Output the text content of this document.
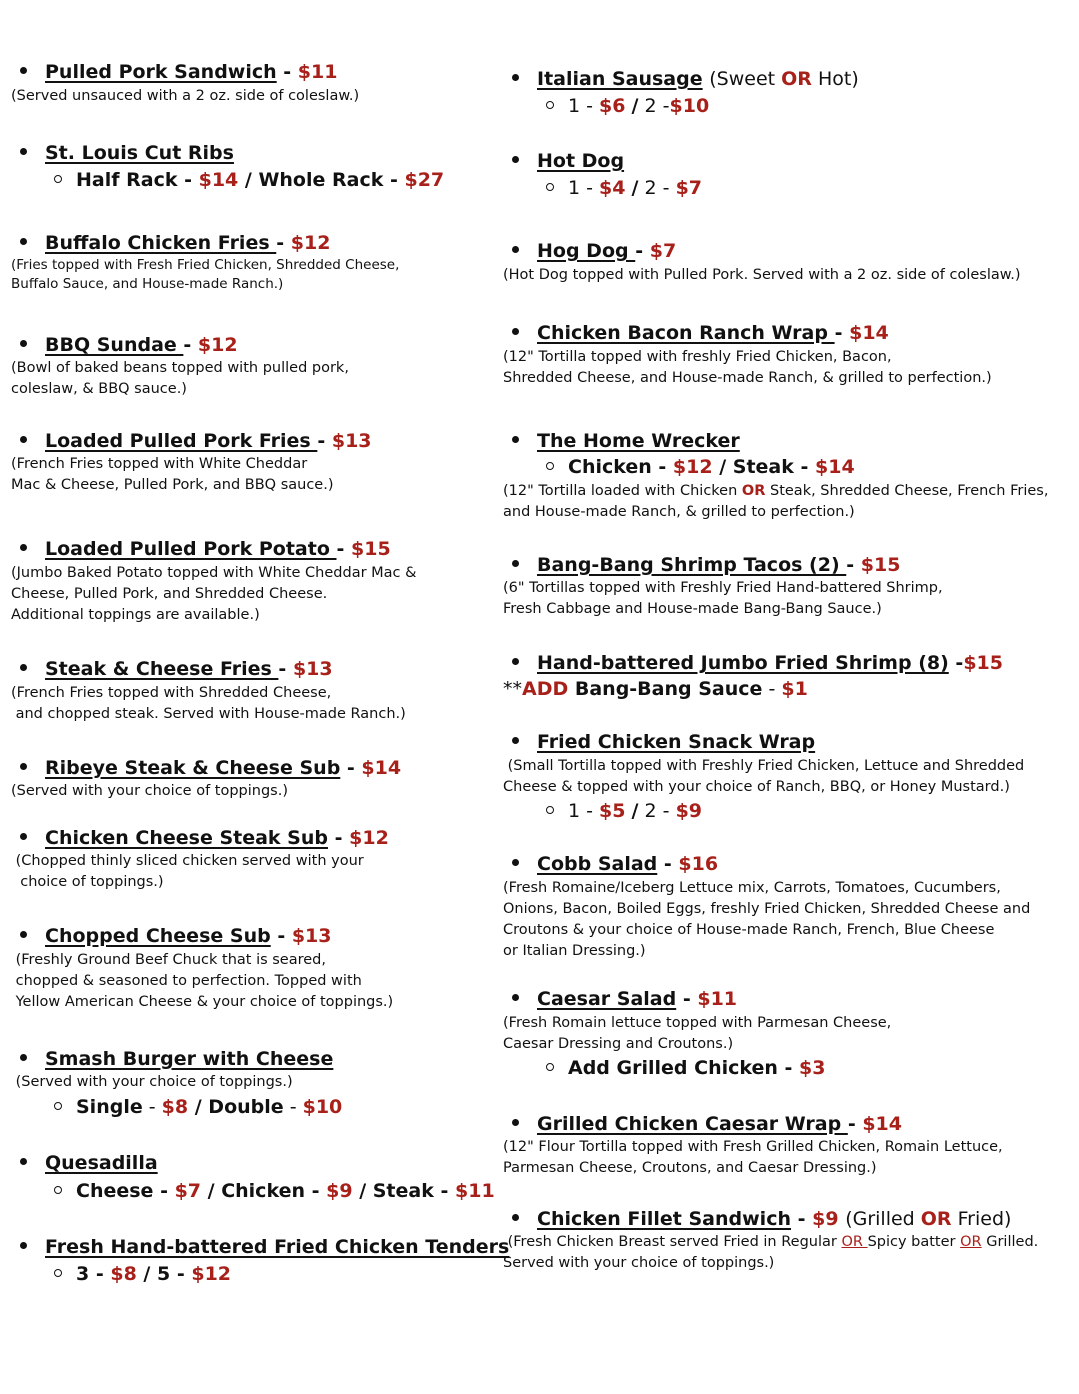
Pulled Pork Sandwich - $11
(Served unsauced with a 2 oz. side of coleslaw.)
St. Louis Cut Ribs
Half Rack - $14 / Whole Rack - $27
Buffalo Chicken Fries - $12
(Fries topped with Fresh Fried Chicken, Shredded Cheese,
Buffalo Sauce, and House-made Ranch.)
BBQ Sundae - $12
(Bowl of baked beans topped with pulled pork,
coleslaw, & BBQ sauce.)
Loaded Pulled Pork Fries - $13
(French Fries topped with White Cheddar
Mac & Cheese, Pulled Pork, and BBQ sauce.)
Loaded Pulled Pork Potato - $15
(Jumbo Baked Potato topped with White Cheddar Mac &
Cheese, Pulled Pork, and Shredded Cheese.
Additional toppings are available.)
Steak & Cheese Fries - $13
(French Fries topped with Shredded Cheese,
and chopped steak. Served with House-made Ranch.)
Ribeye Steak & Cheese Sub - $14
(Served with your choice of toppings.)
Chicken Cheese Steak Sub - $12
(Chopped thinly sliced chicken served with your
choice of toppings.)
Chopped Cheese Sub - $13
(Freshly Ground Beef Chuck that is seared,
chopped & seasoned to perfection. Topped with
Yellow American Cheese & your choice of toppings.)
Smash Burger with Cheese
(Served with your choice of toppings.)
Single - $8 / Double - $10
Quesadilla
Cheese - $7 / Chicken - $9 / Steak - $11
Fresh Hand-battered Fried Chicken Tenders
3 - $8 / 5 - $12
Italian Sausage (Sweet OR Hot)
1 - $6 / 2 -$10
Hot Dog
1 - $4 / 2 - $7
Hog Dog - $7
(Hot Dog topped with Pulled Pork. Served with a 2 oz. side of coleslaw.)
Chicken Bacon Ranch Wrap - $14
(12" Tortilla topped with freshly Fried Chicken, Bacon,
Shredded Cheese, and House-made Ranch, & grilled to perfection.)
The Home Wrecker
Chicken - $12 / Steak - $14
(12" Tortilla loaded with Chicken OR Steak, Shredded Cheese, French Fries,
and House-made Ranch, & grilled to perfection.)
Bang-Bang Shrimp Tacos (2) - $15
(6" Tortillas topped with Freshly Fried Hand-battered Shrimp,
Fresh Cabbage and House-made Bang-Bang Sauce.)
Hand-battered Jumbo Fried Shrimp (8) -$15
**ADD Bang-Bang Sauce - $1
Fried Chicken Snack Wrap
(Small Tortilla topped with Freshly Fried Chicken, Lettuce and Shredded
Cheese & topped with your choice of Ranch, BBQ, or Honey Mustard.)
1 - $5 / 2 - $9
Cobb Salad - $16
(Fresh Romaine/Iceberg Lettuce mix, Carrots, Tomatoes, Cucumbers,
Onions, Bacon, Boiled Eggs, freshly Fried Chicken, Shredded Cheese and
Croutons & your choice of House-made Ranch, French, Blue Cheese
or Italian Dressing.)
Caesar Salad - $11
(Fresh Romain lettuce topped with Parmesan Cheese,
Caesar Dressing and Croutons.)
Add Grilled Chicken - $3
Grilled Chicken Caesar Wrap - $14
(12" Flour Tortilla topped with Fresh Grilled Chicken, Romain Lettuce,
Parmesan Cheese, Croutons, and Caesar Dressing.)
Chicken Fillet Sandwich - $9 (Grilled OR Fried)
(Fresh Chicken Breast served Fried in Regular OR Spicy batter OR Grilled.
Served with your choice of toppings.)
